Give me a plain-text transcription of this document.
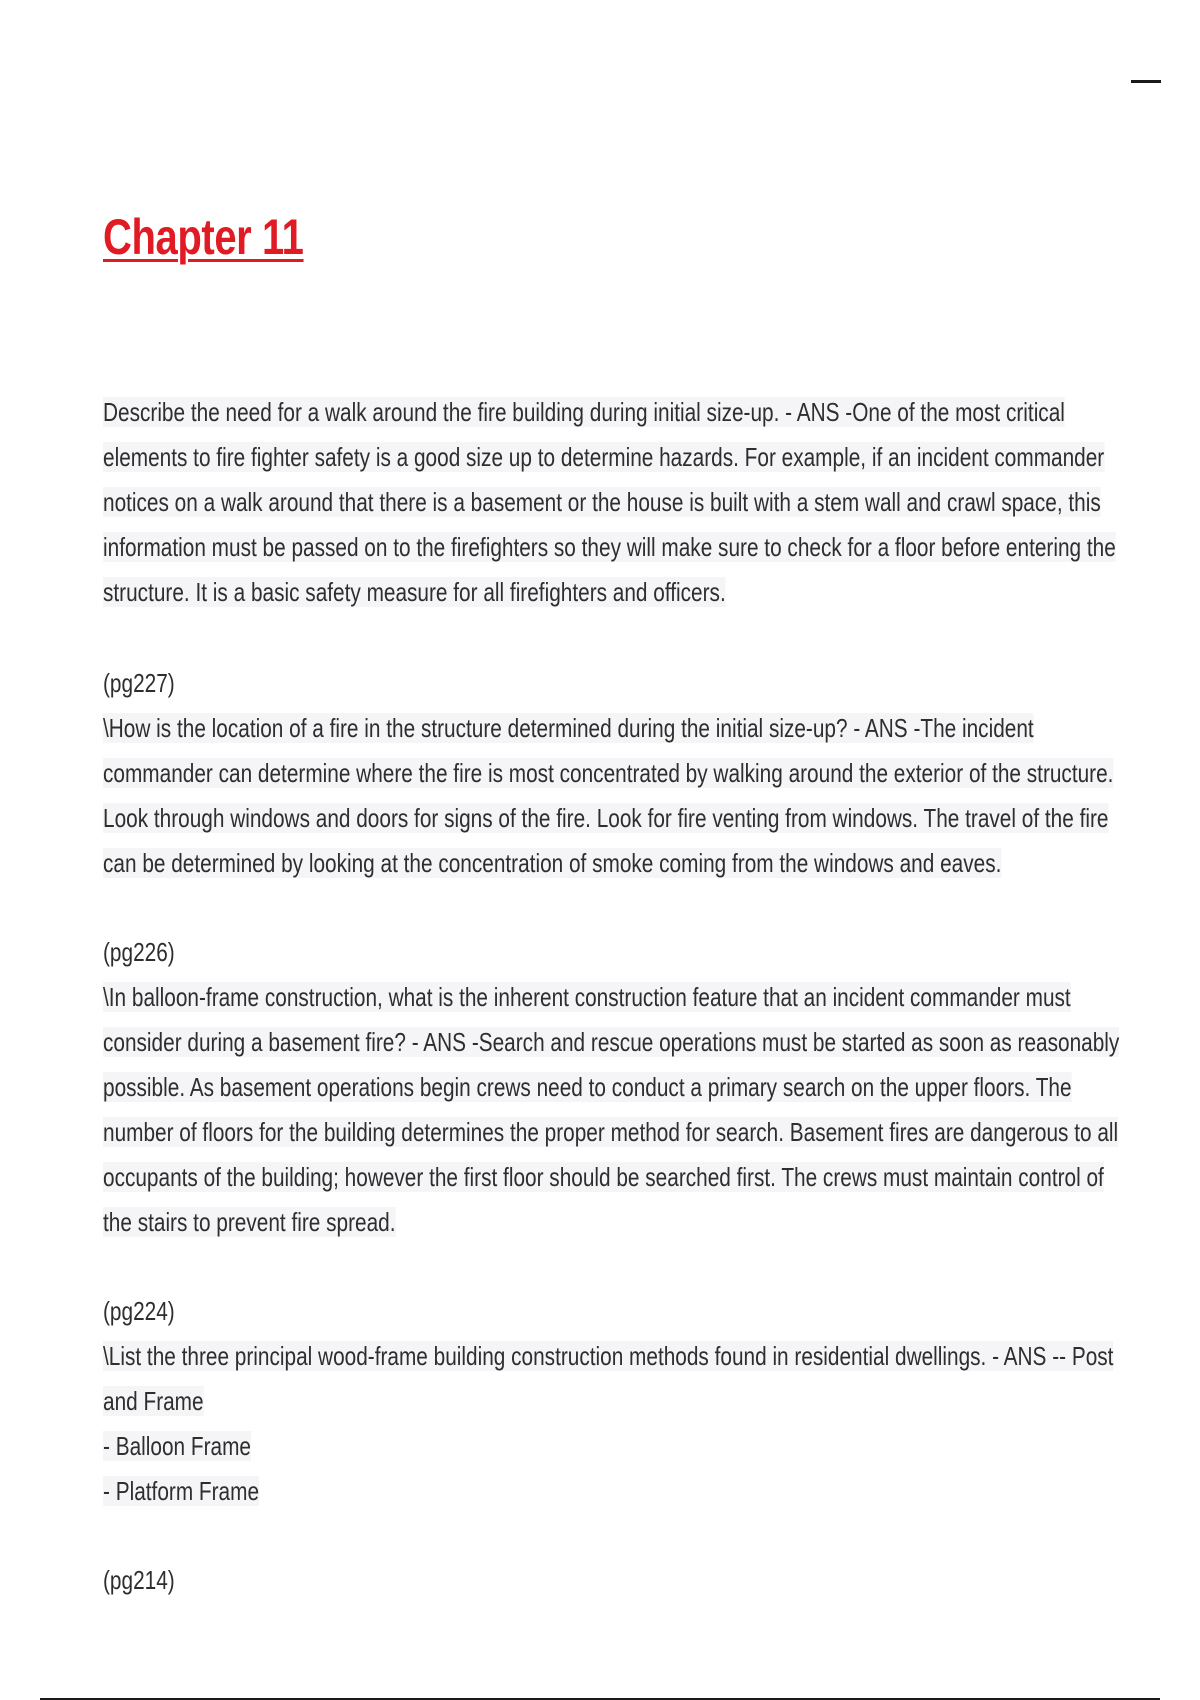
Chapter 11

Describe the need for a walk around the fire building during initial size-up. - ANS -One of the most critical elements to fire fighter safety is a good size up to determine hazards. For example, if an incident commander notices on a walk around that there is a basement or the house is built with a stem wall and crawl space, this information must be passed on to the firefighters so they will make sure to check for a floor before entering the structure. It is a basic safety measure for all firefighters and officers.

(pg227)

\How is the location of a fire in the structure determined during the initial size-up? - ANS -The incident commander can determine where the fire is most concentrated by walking around the exterior of the structure. Look through windows and doors for signs of the fire. Look for fire venting from windows. The travel of the fire can be determined by looking at the concentration of smoke coming from the windows and eaves.

(pg226)

\In balloon-frame construction, what is the inherent construction feature that an incident commander must consider during a basement fire? - ANS -Search and rescue operations must be started as soon as reasonably possible. As basement operations begin crews need to conduct a primary search on the upper floors. The number of floors for the building determines the proper method for search. Basement fires are dangerous to all occupants of the building; however the first floor should be searched first. The crews must maintain control of the stairs to prevent fire spread.

(pg224)

\List the three principal wood-frame building construction methods found in residential dwellings. - ANS -- Post and Frame

- Balloon Frame

- Platform Frame

(pg214)
